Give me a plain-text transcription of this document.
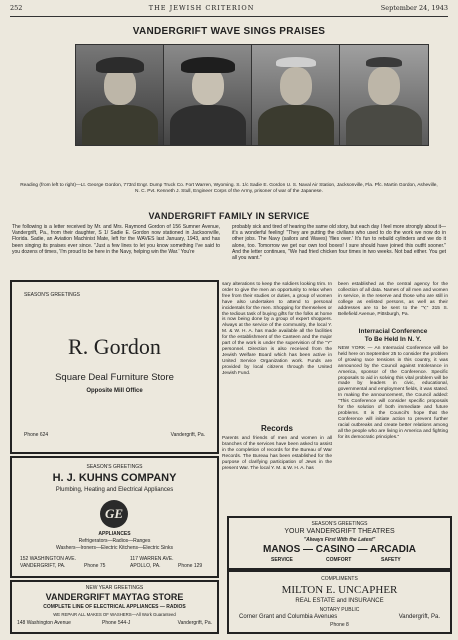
252	THE JEWISH CRITERION	September 24, 1943
VANDERGRIFT WAVE SINGS PRAISES
Reading (from left to right)—Lt. George Gordon, 773rd Engr. Dump Truck Co. Fort Warren, Wyoming. S. 1/c Sadie E. Gordon U. S. Naval Air Station, Jacksonville, Fla. Pfc. Martin Gordon, Asheville, N. C. Pvt. Kenneth J. Stull, Engineer Corps of the Army, prisoner of war of the Japanese.
VANDERGRIFT FAMILY IN SERVICE
The following is a letter received by Mr. and Mrs. Raymond Gordon of 156 Sumner Avenue, Vandergrift, Pa., from their daughter, S 1/ Sadie E. Gordon now stationed in Jacksonville, Florida. Sadie, an Aviation Machinist Mate, left for the WAVES last January, 1943, and has been singing its praises ever since. "Just a few lines to let you know something I've said to you dozens of times, 'I'm proud to be here in the Navy, helping win the War.' You're
probably sick and tired of hearing the same old story, but each day I feel more strongly about it—it's a wonderful feeling! "They are putting the civilians who used to do the work we now do in other jobs. The Navy (sailors and Waves) 'flies over.' It's fun to rebuild cylinders and we do it alone, too. Tomorrow we get our own tool boxes! I sure should have joined this outfit sooner." And the letter continues, "We had fried chicken four times in two weeks. Not bad either. You get all you want."
SEASON'S GREETINGS
R. Gordon
Square Deal Furniture Store
Opposite Mill Office
Phone 624	Vandergrift, Pa.
SEASON'S GREETINGS
H. J. KUHNS COMPANY
Plumbing, Heating and Electrical Appliances
GE
APPLIANCES
Refrigerators—Radios—Ranges
Washers—Ironers—Electric Kitchens—Electric Sinks
152 WASHINGTON AVE.
VANDERGRIFT, PA.	Phone 75
117 WARREN AVE.
APOLLO, PA.	Phone 129
NEW YEAR GREETINGS
VANDERGRIFT MAYTAG STORE
COMPLETE LINE OF ELECTRICAL APPLIANCES — RADIOS
WE REPAIR ALL MAKES OF WASHERS—All Work Guaranteed
148 Washington Avenue	Phone 544-J	Vandergrift, Pa.
sary alterations to keep the soldiers looking trim. In order to give the men an opportunity to relax when free from their studies or duties, a group of women have also undertaken to attend to personal incidentals for the men. Shopping for themselves or the tedious task of buying gifts for the folks at home is now being done by a group of expert shoppers. Always at the service of the community, the local Y. M. & W. H. A. has made available all the facilities for the establishment of the Canteen and the major part of the work is under the supervision of the "Y" personnel. Direction is also received from the Jewish Welfare Board which has been active in United Service Organization work. Funds are provided by local citizens through the United Jewish Fund.
Records
Parents and friends of men and women in all branches of the services have been asked to assist in the completion of records for the Bureau of War Records. The Bureau has been established for the purpose of clarifying participation of Jews in the present War. The local Y. M. & W. H. A. has
been established as the central agency for the collection of all data. Names of all men and women in service, in the reserve and those who are still in college as enlisted persons, as well as their addresses are to be sent to the "Y," 315 S. Bellefield Avenue, Pittsburgh, Pa.
Interracial Conference
To Be Held In N. Y.
NEW YORK — An Interracial Conference will be held here on September 25 to consider the problem of growing race tensions in this country, it was announced by the Council against Intolerance in America, sponsor of the Conference. Specific proposals to aid in solving this vital problem will be made by leaders in civic, educational, governmental and employment fields, it was stated. In making the announcement, the Council added: "This Conference will consider specific proposals for the solution of both immediate and future problems. It is the Council's hope that the Conference will initiate action to prevent further racial outbreaks and create better relations among all the people who are living in America and fighting for its democratic principles."
SEASON'S GREETINGS
YOUR VANDERGRIFT THEATRES
"Always First With the Latest"
MANOS — CASINO — ARCADIA
SERVICE	COMFORT	SAFETY
COMPLIMENTS
MILTON E. UNCAPHER
REAL ESTATE and INSURANCE
NOTARY PUBLIC
Corner Grant and Columbia Avenues	Vandergrift, Pa.
Phone 8
